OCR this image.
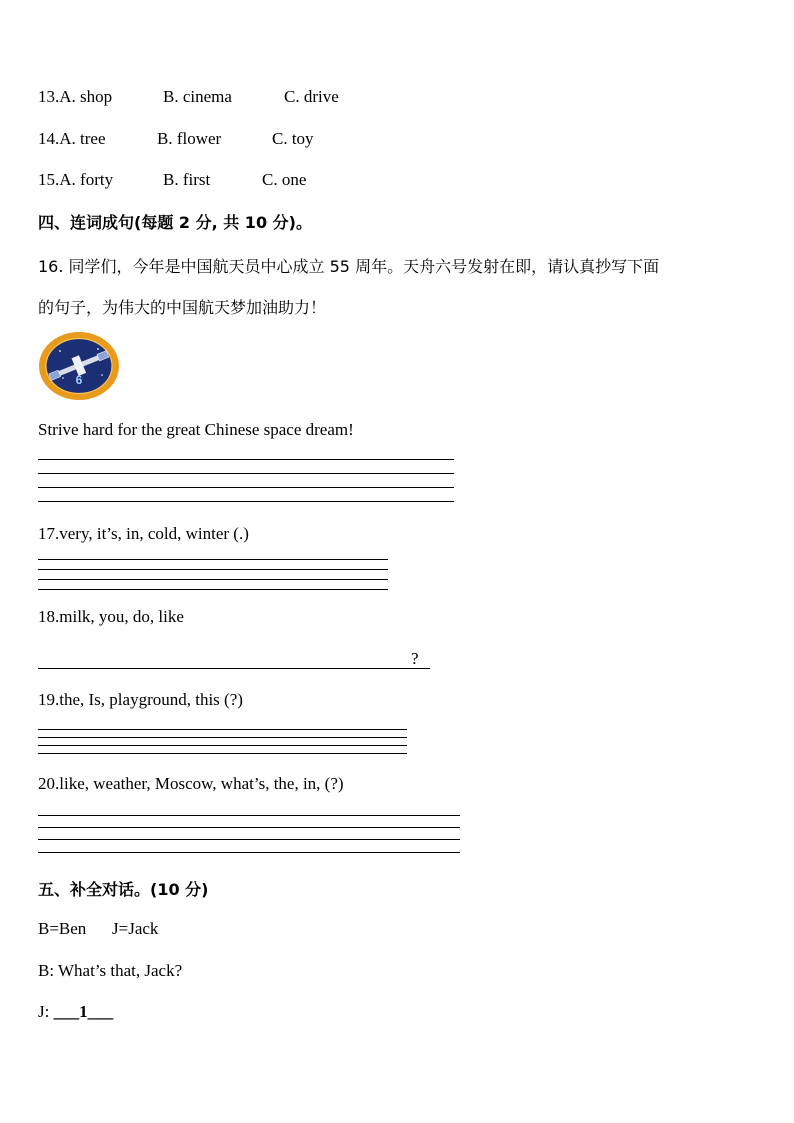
13.A. shop	B. cinema	C. drive
14.A. tree	B. flower	C. toy
15.A. forty	B. first	C. one
四、连词成句(每题 2 分, 共 10 分)。
16. 同学们，今年是中国航天员中心成立 55 周年。天舟六号发射在即，请认真抄写下面
的句子，为伟大的中国航天梦加油助力！
6
Strive hard for the great Chinese space dream!
17.very, it’s, in, cold, winter (.)
18.milk, you, do, like
?
19.the, Is, playground, this (?)
20.like, weather, Moscow, what’s, the, in, (?)
五、补全对话。(10 分)
B=Ben J=Jack
B: What’s that, Jack?
J: ___1___
